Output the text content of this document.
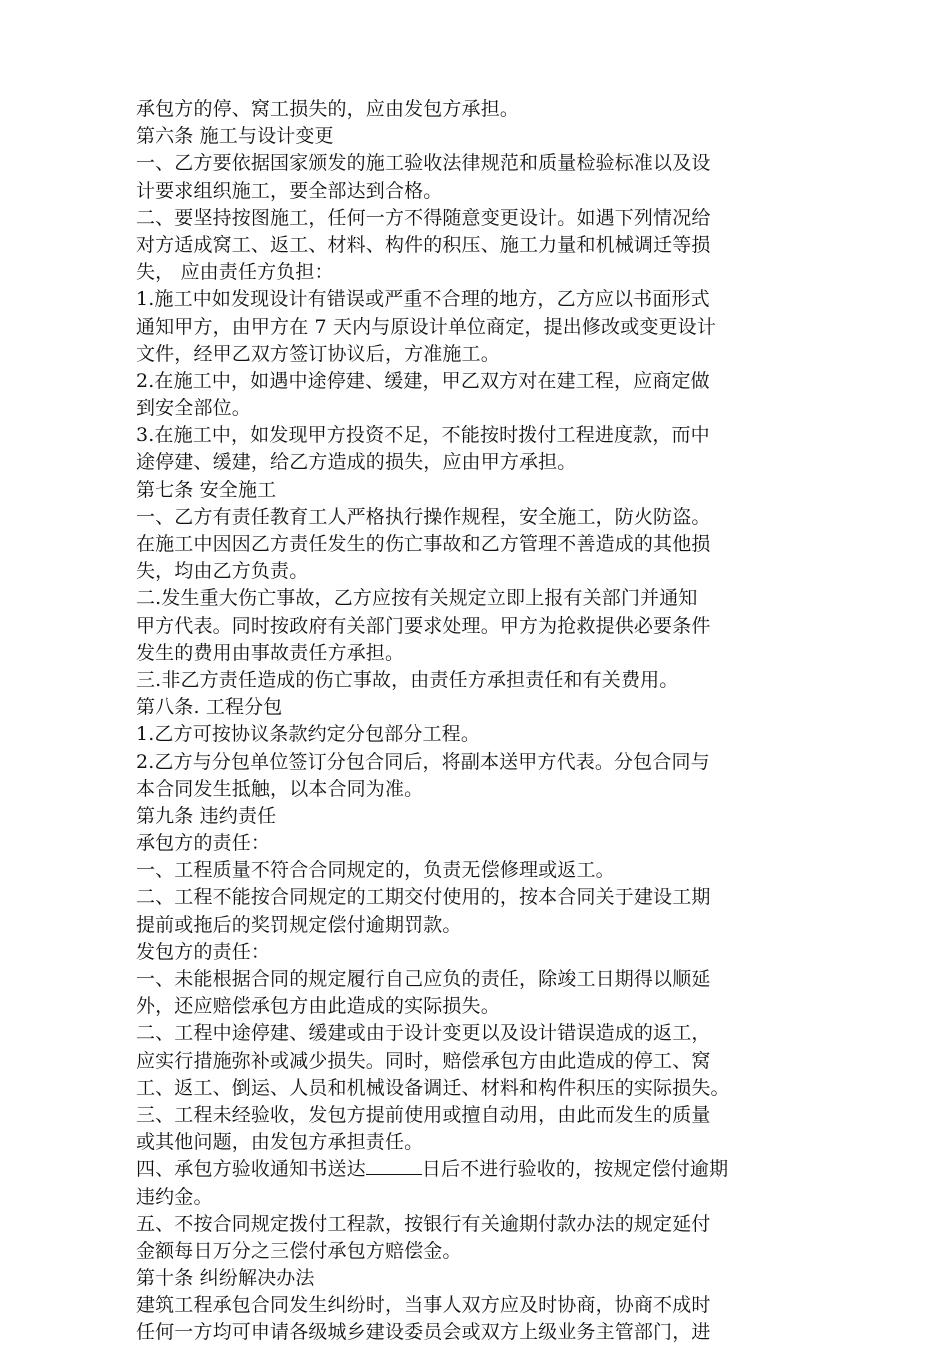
承包方的停、窝工损失的，应由发包方承担。
第六条 施工与设计变更
一、乙方要依据国家颁发的施工验收法律规范和质量检验标准以及设
计要求组织施工，要全部达到合格。
二、要坚持按图施工，任何一方不得随意变更设计。如遇下列情况给
对方适成窝工、返工、材料、构件的积压、施工力量和机械调迁等损
失， 应由责任方负担：
1.施工中如发现设计有错误或严重不合理的地方，乙方应以书面形式
通知甲方，由甲方在 7 天内与原设计单位商定，提出修改或变更设计
文件，经甲乙双方签订协议后，方准施工。
2.在施工中，如遇中途停建、缓建，甲乙双方对在建工程，应商定做
到安全部位。
3.在施工中，如发现甲方投资不足，不能按时拨付工程进度款，而中
途停建、缓建，给乙方造成的损失，应由甲方承担。
第七条 安全施工
一、乙方有责任教育工人严格执行操作规程，安全施工，防火防盗。
在施工中因因乙方责任发生的伤亡事故和乙方管理不善造成的其他损
失，均由乙方负责。
二.发生重大伤亡事故，乙方应按有关规定立即上报有关部门并通知
甲方代表。同时按政府有关部门要求处理。甲方为抢救提供必要条件
发生的费用由事故责任方承担。
三.非乙方责任造成的伤亡事故，由责任方承担责任和有关费用。
第八条. 工程分包
1.乙方可按协议条款约定分包部分工程。
2.乙方与分包单位签订分包合同后，将副本送甲方代表。分包合同与
本合同发生抵触，以本合同为准。
第九条 违约责任
承包方的责任：
一、工程质量不符合合同规定的，负责无偿修理或返工。
二、工程不能按合同规定的工期交付使用的，按本合同关于建设工期
提前或拖后的奖罚规定偿付逾期罚款。
发包方的责任：
一、未能根据合同的规定履行自己应负的责任，除竣工日期得以顺延
外，还应赔偿承包方由此造成的实际损失。
二、工程中途停建、缓建或由于设计变更以及设计错误造成的返工，
应实行措施弥补或减少损失。同时，赔偿承包方由此造成的停工、窝
工、返工、倒运、人员和机械设备调迁、材料和构件积压的实际损失。
三、工程未经验收，发包方提前使用或擅自动用，由此而发生的质量
或其他问题，由发包方承担责任。
四、承包方验收通知书送达	日后不进行验收的，按规定偿付逾期
违约金。
五、不按合同规定拨付工程款，按银行有关逾期付款办法的规定延付
金额每日万分之三偿付承包方赔偿金。
第十条 纠纷解决办法
建筑工程承包合同发生纠纷时，当事人双方应及时协商，协商不成时
任何一方均可申请各级城乡建设委员会或双方上级业务主管部门，进
